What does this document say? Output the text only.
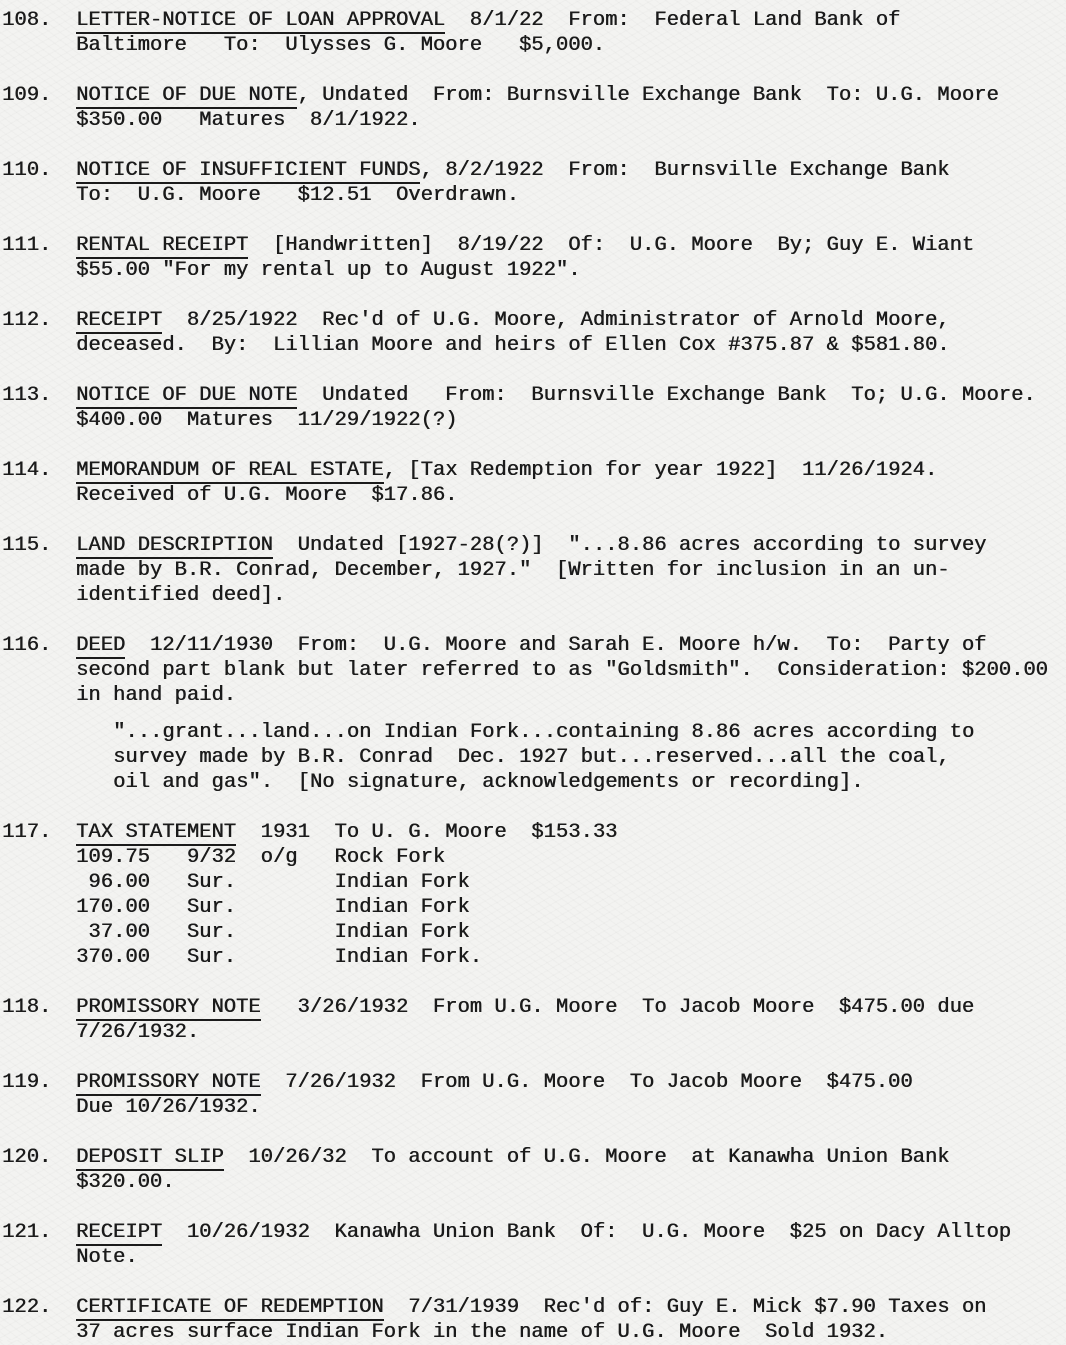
108.	LETTER-NOTICE OF LOAN APPROVAL  8/1/22  From:  Federal Land Bank of
Baltimore   To:  Ulysses G. Moore   $5,000.
109.	NOTICE OF DUE NOTE, Undated  From: Burnsville Exchange Bank  To: U.G. Moore
$350.00   Matures  8/1/1922.
110.	NOTICE OF INSUFFICIENT FUNDS, 8/2/1922  From:  Burnsville Exchange Bank
To:  U.G. Moore   $12.51  Overdrawn.
111.	RENTAL RECEIPT  [Handwritten]  8/19/22  Of:  U.G. Moore  By; Guy E. Wiant
$55.00 "For my rental up to August 1922".
112.	RECEIPT  8/25/1922  Rec'd of U.G. Moore, Administrator of Arnold Moore,
deceased.  By:  Lillian Moore and heirs of Ellen Cox #375.87 & $581.80.
113.	NOTICE OF DUE NOTE  Undated   From:  Burnsville Exchange Bank  To; U.G. Moore.
$400.00  Matures  11/29/1922(?)
114.	MEMORANDUM OF REAL ESTATE, [Tax Redemption for year 1922]  11/26/1924.
Received of U.G. Moore  $17.86.
115.	LAND DESCRIPTION  Undated [1927-28(?)]  "...8.86 acres according to survey
made by B.R. Conrad, December, 1927."  [Written for inclusion in an un-
identified deed].
116.	DEED  12/11/1930  From:  U.G. Moore and Sarah E. Moore h/w.  To:  Party of
second part blank but later referred to as "Goldsmith".  Consideration: $200.00
in hand paid.
"...grant...land...on Indian Fork...containing 8.86 acres according to
survey made by B.R. Conrad  Dec. 1927 but...reserved...all the coal,
oil and gas".  [No signature, acknowledgements or recording].
117.	TAX STATEMENT  1931  To U. G. Moore  $153.33
109.75   9/32  o/g   Rock Fork
96.00   Sur.        Indian Fork
170.00   Sur.        Indian Fork
37.00   Sur.        Indian Fork
370.00   Sur.        Indian Fork.
118.	PROMISSORY NOTE   3/26/1932  From U.G. Moore  To Jacob Moore  $475.00 due
7/26/1932.
119.	PROMISSORY NOTE  7/26/1932  From U.G. Moore  To Jacob Moore  $475.00
Due 10/26/1932.
120.	DEPOSIT SLIP  10/26/32  To account of U.G. Moore  at Kanawha Union Bank
$320.00.
121.	RECEIPT  10/26/1932  Kanawha Union Bank  Of:  U.G. Moore  $25 on Dacy Alltop
Note.
122.	CERTIFICATE OF REDEMPTION  7/31/1939  Rec'd of: Guy E. Mick $7.90 Taxes on
37 acres surface Indian Fork in the name of U.G. Moore  Sold 1932.
